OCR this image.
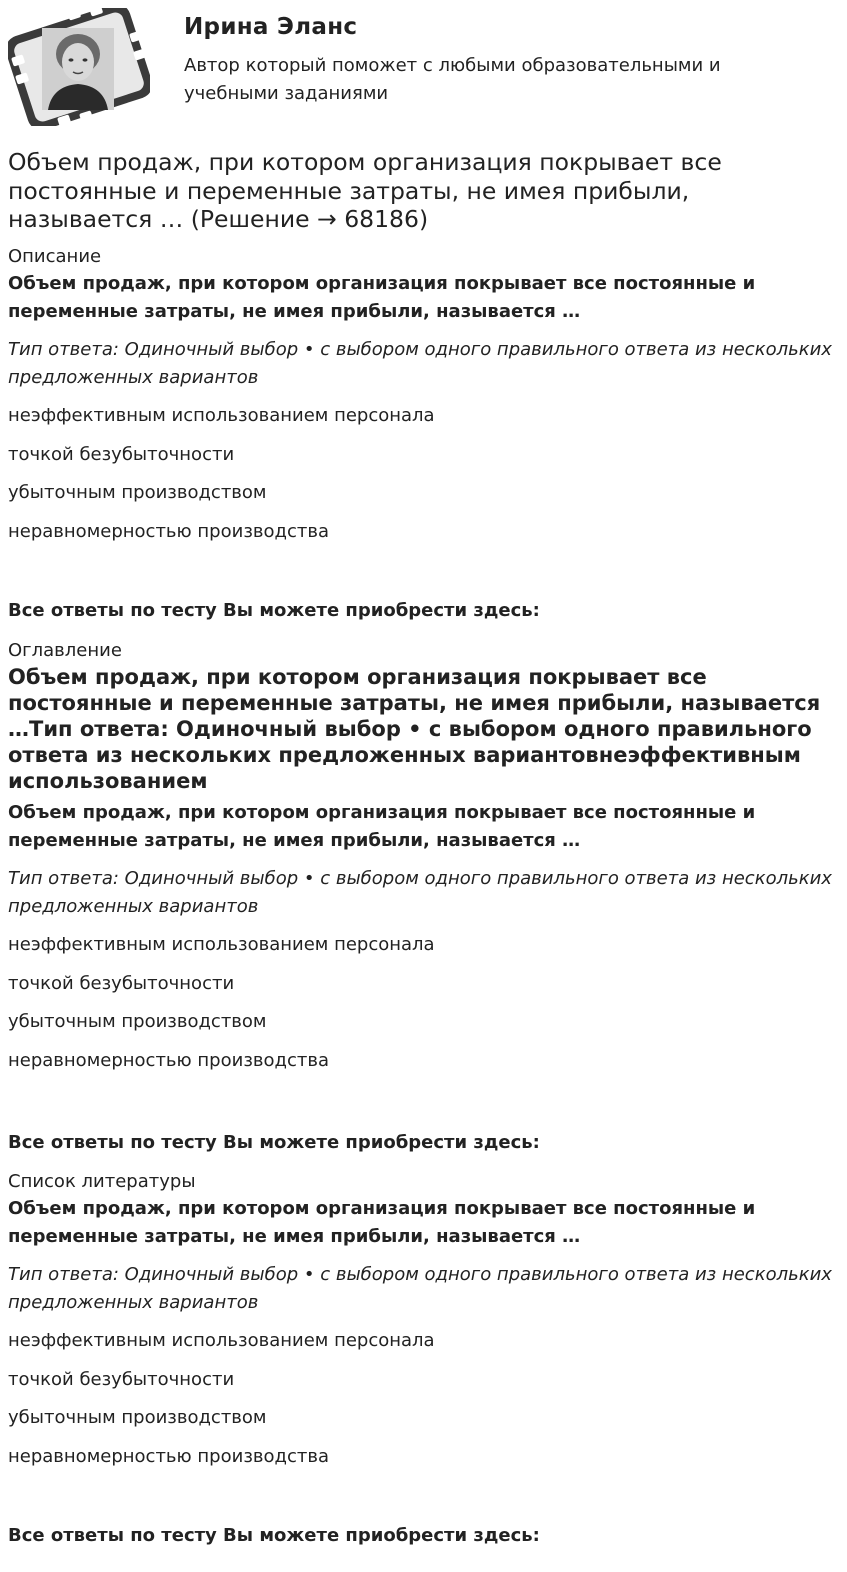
Ирина Эланс
Автор который поможет с любыми образовательными и учебными заданиями
Объем продаж, при котором организация покрывает все постоянные и переменные затраты, не имея прибыли, называется … (Решение → 68186)
Описание
Объем продаж, при котором организация покрывает все постоянные и переменные затраты, не имея прибыли, называется …
Тип ответа: Одиночный выбор • с выбором одного правильного ответа из нескольких предложенных вариантов
неэффективным использованием персонала
точкой безубыточности
убыточным производством
неравномерностью производства
Все ответы по тесту Вы можете приобрести здесь:
Оглавление
Объем продаж, при котором организация покрывает все постоянные и переменные затраты, не имея прибыли, называется …Тип ответа: Одиночный выбор • с выбором одного правильного ответа из нескольких предложенных вариантовнеэффективным использованием
Объем продаж, при котором организация покрывает все постоянные и переменные затраты, не имея прибыли, называется …
Тип ответа: Одиночный выбор • с выбором одного правильного ответа из нескольких предложенных вариантов
неэффективным использованием персонала
точкой безубыточности
убыточным производством
неравномерностью производства
Все ответы по тесту Вы можете приобрести здесь:
Список литературы
Объем продаж, при котором организация покрывает все постоянные и переменные затраты, не имея прибыли, называется …
Тип ответа: Одиночный выбор • с выбором одного правильного ответа из нескольких предложенных вариантов
неэффективным использованием персонала
точкой безубыточности
убыточным производством
неравномерностью производства
Все ответы по тесту Вы можете приобрести здесь:
